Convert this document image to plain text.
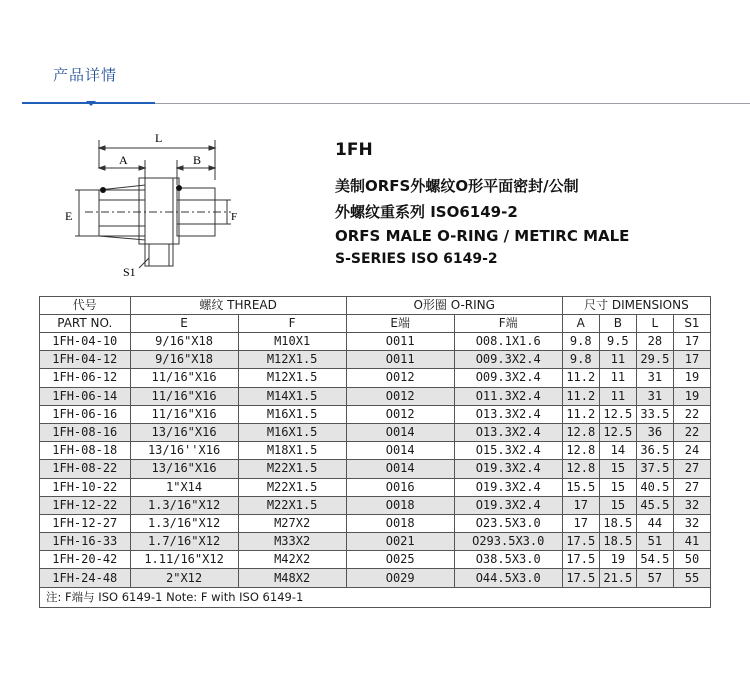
产品详情
L
A	B
E	F
S1
1FH
美制ORFS外螺纹O形平面密封/公制
外螺纹重系列 ISO6149-2
ORFS MALE O-RING / METIRC MALE
S-SERIES ISO 6149-2
代号	螺纹 THREAD		O形圈 O-RING		尺寸 DIMENSIONS			
PART NO.	E	F	E端	F端	A	B	L	S1
1FH-04-10	9/16"X18	M10X1	O011	O08.1X1.6	9.8	9.5	28	17
1FH-04-12	9/16"X18	M12X1.5	O011	O09.3X2.4	9.8	11	29.5	17
1FH-06-12	11/16"X16	M12X1.5	O012	O09.3X2.4	11.2	11	31	19
1FH-06-14	11/16"X16	M14X1.5	O012	O11.3X2.4	11.2	11	31	19
1FH-06-16	11/16"X16	M16X1.5	O012	O13.3X2.4	11.2	12.5	33.5	22
1FH-08-16	13/16"X16	M16X1.5	O014	O13.3X2.4	12.8	12.5	36	22
1FH-08-18	13/16''X16	M18X1.5	O014	O15.3X2.4	12.8	14	36.5	24
1FH-08-22	13/16"X16	M22X1.5	O014	O19.3X2.4	12.8	15	37.5	27
1FH-10-22	1"X14	M22X1.5	O016	O19.3X2.4	15.5	15	40.5	27
1FH-12-22	1.3/16"X12	M22X1.5	O018	O19.3X2.4	17	15	45.5	32
1FH-12-27	1.3/16"X12	M27X2	O018	O23.5X3.0	17	18.5	44	32
1FH-16-33	1.7/16"X12	M33X2	O021	O293.5X3.0	17.5	18.5	51	41
1FH-20-42	1.11/16"X12	M42X2	O025	O38.5X3.0	17.5	19	54.5	50
1FH-24-48	2"X12	M48X2	O029	O44.5X3.0	17.5	21.5	57	55
注: F端与 ISO 6149-1 Note: F with ISO 6149-1								
